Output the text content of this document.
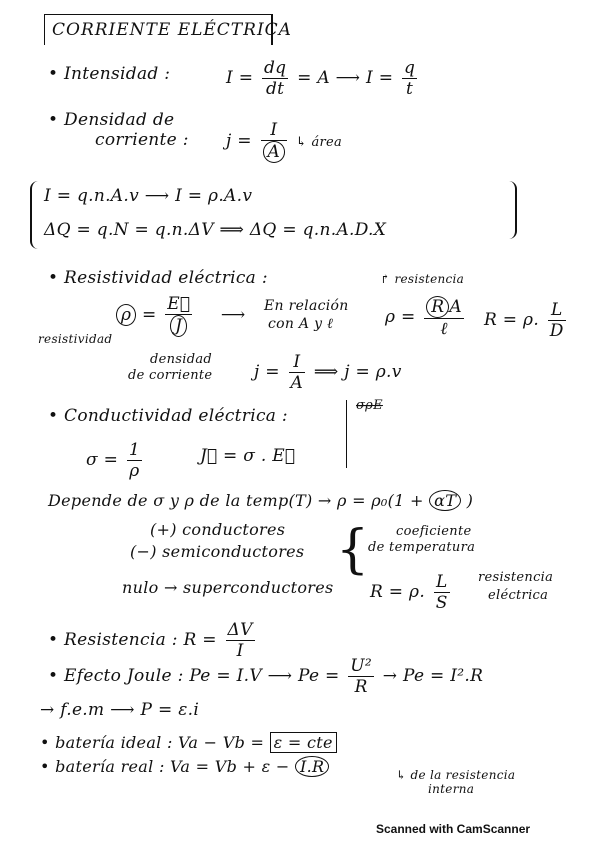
CORRIENTE ELÉCTRICA
• Intensidad :	$I = \frac{dq}{dt} = A$ ⟶ $I = \frac{q}{t}$
• Densidad de
corriente : $j = \frac{I}{A}$ ↳ área
I = q.n.A.v ⟶ I = ρ.A.v
ΔQ = q.N = q.n.ΔV ⟹ ΔQ = q.n.A.D.X
• Resistividad eléctrica :	↱ resistencia
$\rho = \frac{E⃗}{J}$ ⟶ En relación
con A y ℓ	$\rho = \frac{\text{R A}}{\text{ℓ}}$ R = ρ. $\frac{L}{D}$
resistividad
densidad
de corriente $j = \frac{I}{A}$ ⟹ j = ρ.v
σ̶̶ρ̶̶E̶
• Conductividad eléctrica :
$\sigma = \frac{1}{\rho}$	J⃗ = σ . E⃗
Depende de σ y ρ de la temp(T) → ρ = ρ₀(1 + αT )
(+) conductores
(−) semiconductores
nulo → superconductores
{ coeficiente
de temperatura
R = ρ. $\frac{L}{S}$ resistencia
eléctrica
• Resistencia : $R = \frac{\Delta V}{I}$
• Efecto Joule : Pe = I.V ⟶ $Pe = \frac{\text{U²}}{R} \to Pe = I^2.R$
→ f.e.m ⟶ P = ε.i
• batería ideal : Va − Vb = ε = cte
• batería real : Va = Vb + ε − I.R	↳ de la resistencia
interna
Scanned with CamScanner
